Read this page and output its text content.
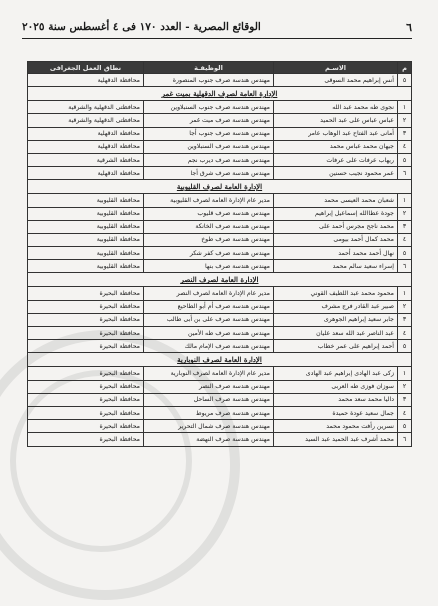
٦
الوقائع المصرية - العدد ١٧٠ فى ٤ أغسطس سنة ٢٠٢٥
م	الاسـم	الوظيفـة	نطاق العمل الجغرافى
٥	أنس إبراهيم محمد السوقى	مهندس هندسة صرف جنوب المنصورة	محافظة الدقهلية
الإدارة العامة لصرف الدقهلية بميت غمر			
١	نجوى طه محمد عبد الله	مهندس هندسة صرف جنوب السنبلاوين	محافظتى الدقهلية والشرقية
٢	عباس عباس على عبد الحميد	مهندس هندسة صرف ميت غمر	محافظتى الدقهلية والشرقية
٣	أمانى عبد الفتاح عبد الوهاب عامر	مهندس هندسة صرف جنوب أجا	محافظة الدقهلية
٤	جيهان محمد عباس محمد	مهندس هندسة صرف السنبلاوين	محافظة الدقهلية
٥	ريهاب عرفات على عرفات	مهندس هندسة صرف ديرب نجم	محافظة الشرقية
٦	عمر محمود نجيب حسنين	مهندس هندسة صرف شرق أجا	محافظة الدقهلية
الإدارة العامة لصرف القليوبية			
١	شعبان محمد العيسى محمد	مدير عام الإدارة العامة لصرف القليوبية	محافظة القليوبية
٢	جودة عطاالله إسماعيل إبراهيم	مهندس هندسة صرف قليوب	محافظة القليوبية
٣	محمد ناجح مجرس أحمد على	مهندس هندسة صرف الخانكة	محافظة القليوبية
٤	محمد كمال أحمد بيومى	مهندس هندسة صرف طوخ	محافظة القليوبية
٥	نهال أحمد محمد أحمد	مهندس هندسة صرف كفر شكر	محافظة القليوبية
٦	إسراء سعيد سالم محمد	مهندس هندسة صرف بنها	محافظة القليوبية
الإدارة العامة لصرف النصر			
١	محمود محمد عبد اللطيف القوني	مدير عام الإدارة العامة لصرف النصر	محافظة البحيرة
٢	صبير عبد القادر فرج مشرف	مهندس هندسة صرف أم أبو الطاحيع	محافظة البحيرة
٣	جابر سعيد إبراهيم الجوهرى	مهندس هندسة صرف على بن أبى طالب	محافظة البحيرة
٤	عبد الناصر عبد الله سعد عليان	مهندس هندسة صرف طه الأمين	محافظة البحيرة
٥	أحمد إبراهيم على عمر خطاب	مهندس هندسة صرف الإمام مالك	محافظة البحيرة
الإدارة العامة لصرف النوبارية			
١	زكى عبد الهادى إبراهيم عبد الهادى	مدير عام الإدارة العامة لصرف النوبارية	محافظة البحيرة
٢	سوزان فوزى طه العربى	مهندس هندسة صرف النصر	محافظة البحيرة
٣	داليا محمد سعد محمد	مهندس هندسة صرف الساحل	محافظة البحيرة
٤	جمال سعيد عودة حميدة	مهندس هندسة صرف مريوط	محافظة البحيرة
٥	نسرين رأفت محمود محمد	مهندس هندسة صرف شمال التحرير	محافظة البحيرة
٦	محمد أشرف عبد الحميد عبد السيد	مهندس هندسة صرف النهضة	محافظة البحيرة
